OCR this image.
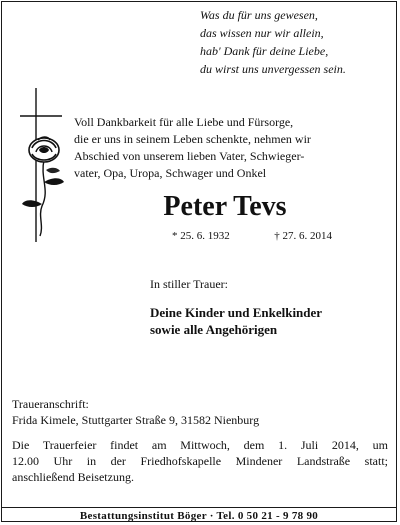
Was du für uns gewesen,
das wissen nur wir allein,
hab' Dank für deine Liebe,
du wirst uns unvergessen sein.
Voll Dankbarkeit für alle Liebe und Fürsorge,
die er uns in seinem Leben schenkte, nehmen wir
Abschied von unserem lieben Vater, Schwieger-
vater, Opa, Uropa, Schwager und Onkel
Peter Tevs
* 25. 6. 1932	† 27. 6. 2014
In stiller Trauer:
Deine Kinder und Enkelkinder
sowie alle Angehörigen
Traueranschrift:
Frida Kimele, Stuttgarter Straße 9, 31582 Nienburg
Die Trauerfeier findet am Mittwoch, dem 1. Juli 2014, um
12.00 Uhr in der Friedhofskapelle Mindener Landstraße statt;
anschließend Beisetzung.
Bestattungsinstitut Böger · Tel. 0 50 21 - 9 78 90
